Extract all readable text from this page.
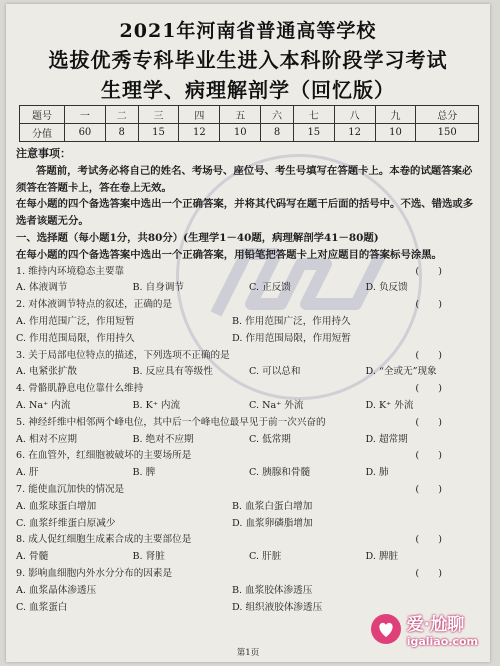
2021年河南省普通高等学校
选拔优秀专科毕业生进入本科阶段学习考试
生理学、病理解剖学（回忆版）
题号	一	二	三	四	五	六	七	八	九	总分
分值	60	8	15	12	10	8	15	12	10	150
注意事项：
答题前，考试务必将自己的姓名、考场号、座位号、考生号填写在答题卡上。本卷的试题答案必须答在答题卡上，答在卷上无效。
在每小题的四个备选答案中选出一个正确答案，并将其代码写在题干后面的括号中。不选、错选或多选者该题无分。
一、选择题（每小题1分，共80分）(生理学1－40题，病理解剖学41－80题)
在每小题的四个备选答案中选出一个正确答案，用铅笔把答题卡上对应题目的答案标号涂黑。
1. 维持内环境稳态主要靠	(　　)
A. 体液调节	B. 自身调节	C. 正反馈	D. 负反馈
2. 对体液调节特点的叙述，正确的是	(　　)
A. 作用范围广泛，作用短暂	B. 作用范围广泛，作用持久
C. 作用范围局限，作用持久	D. 作用范围局限，作用短暂
3. 关于局部电位特点的描述，下列选项不正确的是	(　　)
A. 电紧张扩散	B. 反应具有等级性	C. 可以总和	D. “全或无”现象
4. 骨骼肌静息电位靠什么维持	(　　)
A. Na⁺ 内流	B. K⁺ 内流	C. Na⁺ 外流	D. K⁺ 外流
5. 神经纤维中相邻两个峰电位，其中后一个峰电位最早见于前一次兴奋的	(　　)
A. 相对不应期	B. 绝对不应期	C. 低常期	D. 超常期
6. 在血管外，红细胞被破坏的主要场所是	(　　)
A. 肝	B. 脾	C. 胰腺和骨髓	D. 肺
7. 能使血沉加快的情况是	(　　)
A. 血浆球蛋白增加	B. 血浆白蛋白增加
C. 血浆纤维蛋白原减少	D. 血浆卵磷脂增加
8. 成人促红细胞生成素合成的主要部位是	(　　)
A. 骨髓	B. 肾脏	C. 肝脏	D. 脾脏
9. 影响血细胞内外水分分布的因素是	(　　)
A. 血浆晶体渗透压	B. 血浆胶体渗透压
C. 血浆蛋白	D. 组织液胶体渗透压
爱·尬聊
igaliao.com
第1页
